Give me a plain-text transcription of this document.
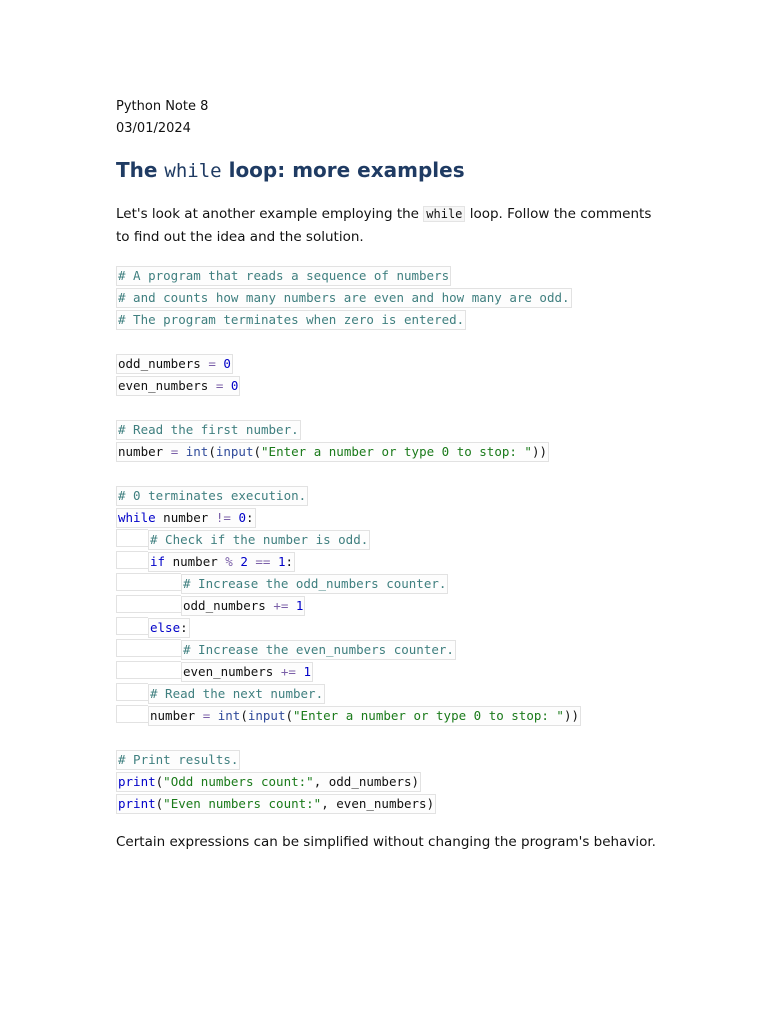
Python Note 8
03/01/2024
The while loop: more examples

Let's look at another example employing the while loop. Follow the comments to find out the idea and the solution.

# A program that reads a sequence of numbers
# and counts how many numbers are even and how many are odd.
# The program terminates when zero is entered.
odd_numbers = 0
even_numbers = 0
# Read the first number.
number = int(input("Enter a number or type 0 to stop: "))
# 0 terminates execution.
while number != 0:
# Check if the number is odd.
if number % 2 == 1:
# Increase the odd_numbers counter.
odd_numbers += 1
else:
# Increase the even_numbers counter.
even_numbers += 1
# Read the next number.
number = int(input("Enter a number or type 0 to stop: "))
# Print results.
print("Odd numbers count:", odd_numbers)
print("Even numbers count:", even_numbers)

Certain expressions can be simplified without changing the program's behavior.
